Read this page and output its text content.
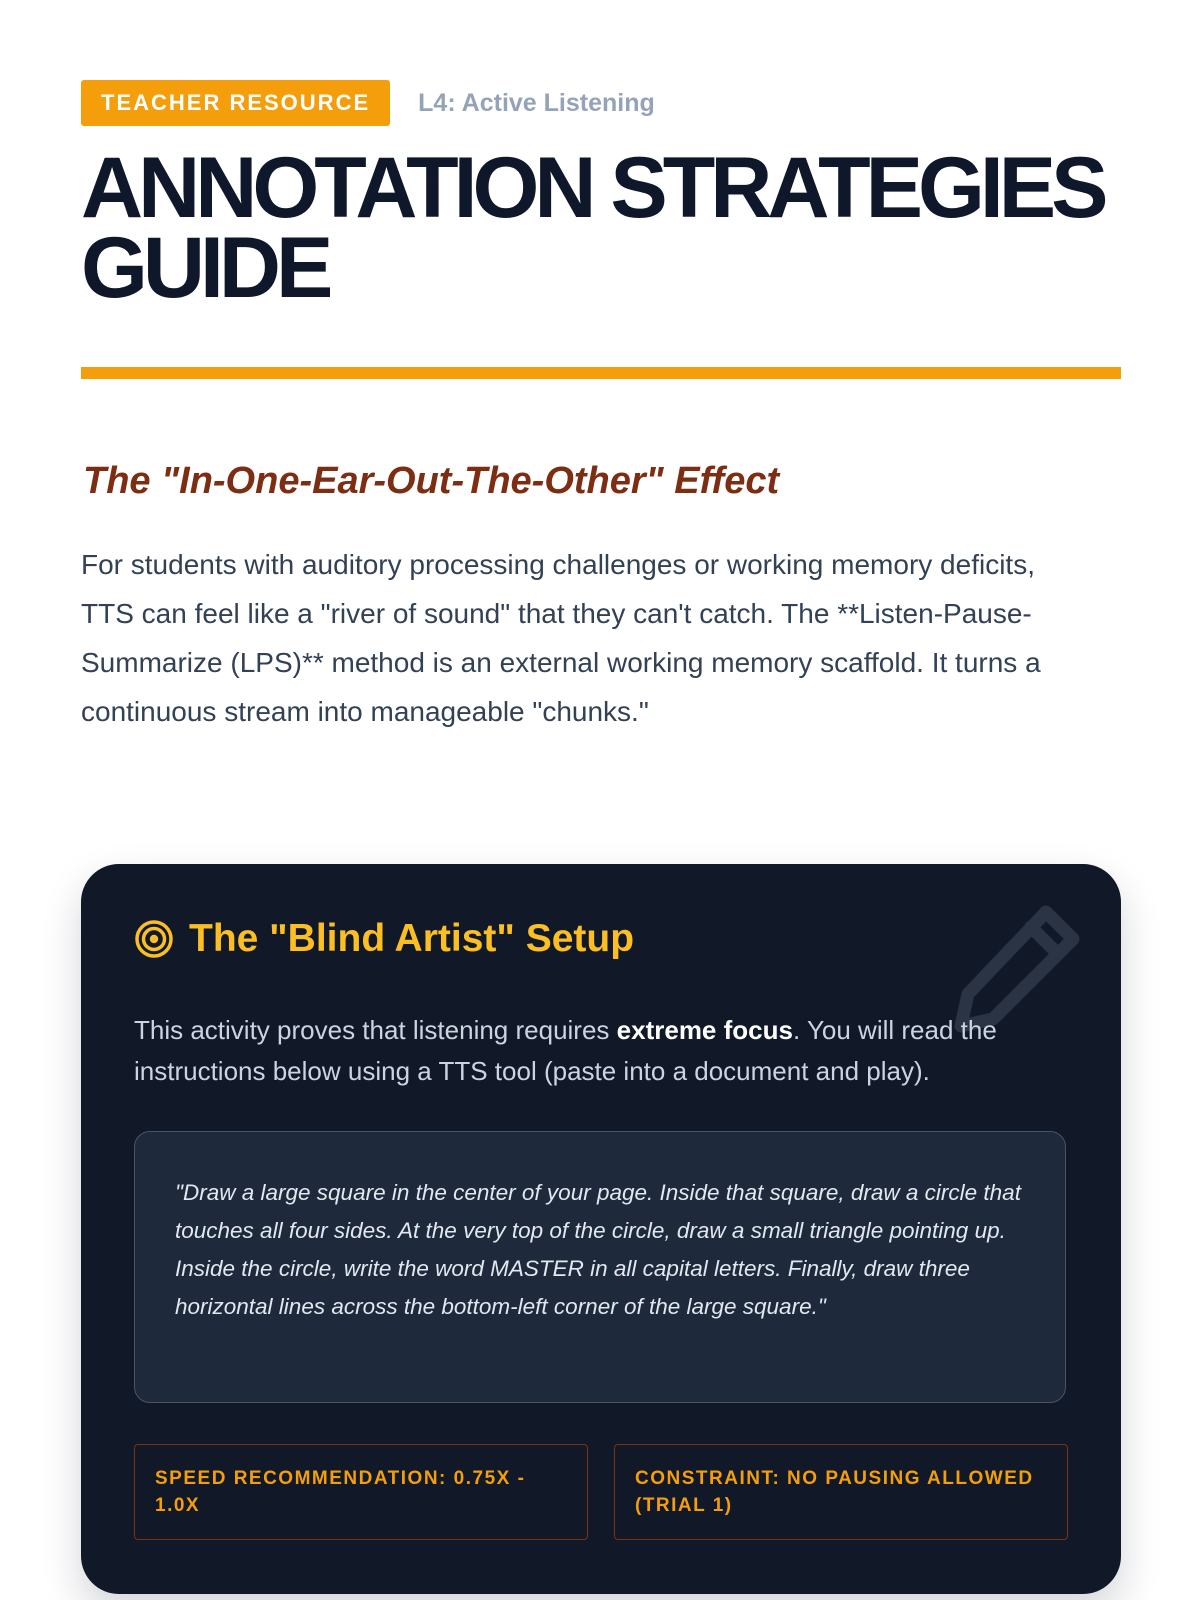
TEACHER RESOURCE	L4: Active Listening
ANNOTATION STRATEGIES
GUIDE
The "In-One-Ear-Out-The-Other" Effect

For students with auditory processing challenges or working memory deficits, TTS can feel like a "river of sound" that they can't catch. The **Listen-Pause-Summarize (LPS)** method is an external working memory scaffold. It turns a continuous stream into manageable "chunks."

The "Blind Artist" Setup

This activity proves that listening requires extreme focus. You will read the instructions below using a TTS tool (paste into a document and play).

"Draw a large square in the center of your page. Inside that square, draw a circle that touches all four sides. At the very top of the circle, draw a small triangle pointing up. Inside the circle, write the word MASTER in all capital letters. Finally, draw three horizontal lines across the bottom-left corner of the large square."

SPEED RECOMMENDATION: 0.75X - 1.0X
CONSTRAINT: NO PAUSING ALLOWED (TRIAL 1)
